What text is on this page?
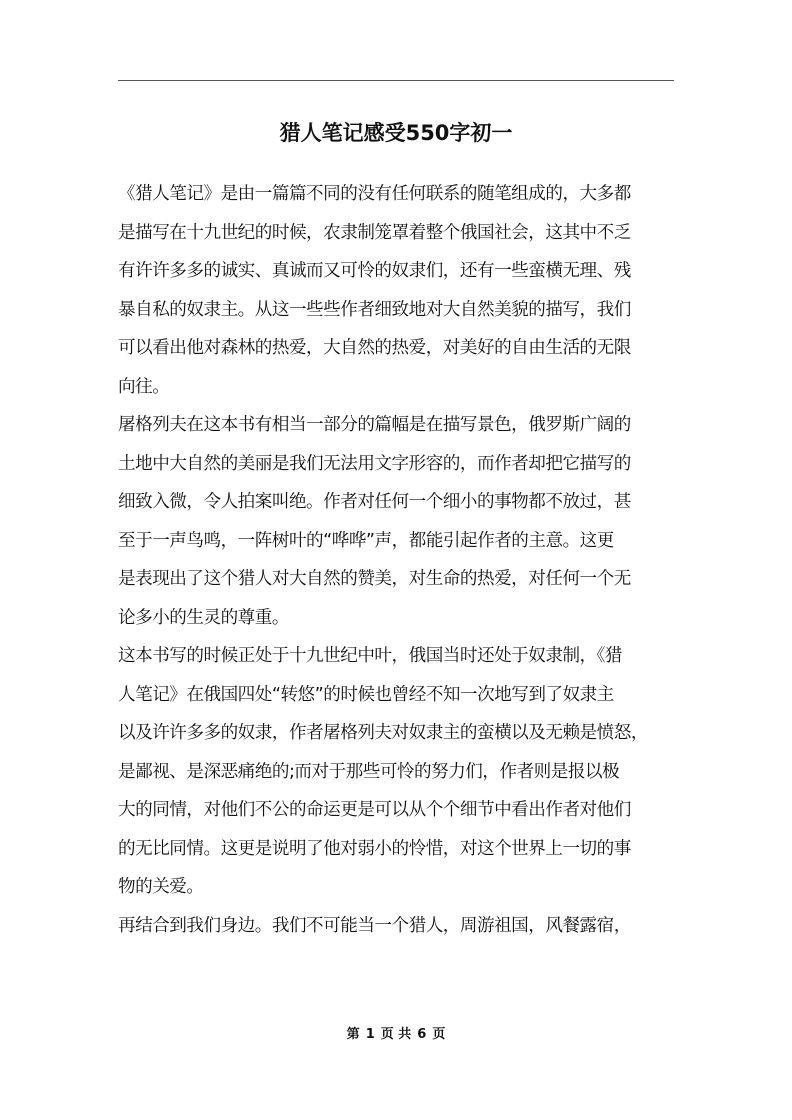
猎人笔记感受550字初一
《猎人笔记》是由一篇篇不同的没有任何联系的随笔组成的，大多都
是描写在十九世纪的时候，农隶制笼罩着整个俄国社会，这其中不乏
有许许多多的诚实、真诚而又可怜的奴隶们，还有一些蛮横无理、残
暴自私的奴隶主。从这一些些作者细致地对大自然美貌的描写，我们
可以看出他对森林的热爱，大自然的热爱，对美好的自由生活的无限
向往。
屠格列夫在这本书有相当一部分的篇幅是在描写景色，俄罗斯广阔的
土地中大自然的美丽是我们无法用文字形容的，而作者却把它描写的
细致入微，令人拍案叫绝。作者对任何一个细小的事物都不放过，甚
至于一声鸟鸣，一阵树叶的“哗哗”声，都能引起作者的主意。这更
是表现出了这个猎人对大自然的赞美，对生命的热爱，对任何一个无
论多小的生灵的尊重。
这本书写的时候正处于十九世纪中叶，俄国当时还处于奴隶制，《猎
人笔记》在俄国四处“转悠”的时候也曾经不知一次地写到了奴隶主
以及许许多多的奴隶，作者屠格列夫对奴隶主的蛮横以及无赖是愤怒，
是鄙视、是深恶痛绝的;而对于那些可怜的努力们，作者则是报以极
大的同情，对他们不公的命运更是可以从个个细节中看出作者对他们
的无比同情。这更是说明了他对弱小的怜惜，对这个世界上一切的事
物的关爱。
再结合到我们身边。我们不可能当一个猎人，周游祖国，风餐露宿，
第 1 页 共 6 页
